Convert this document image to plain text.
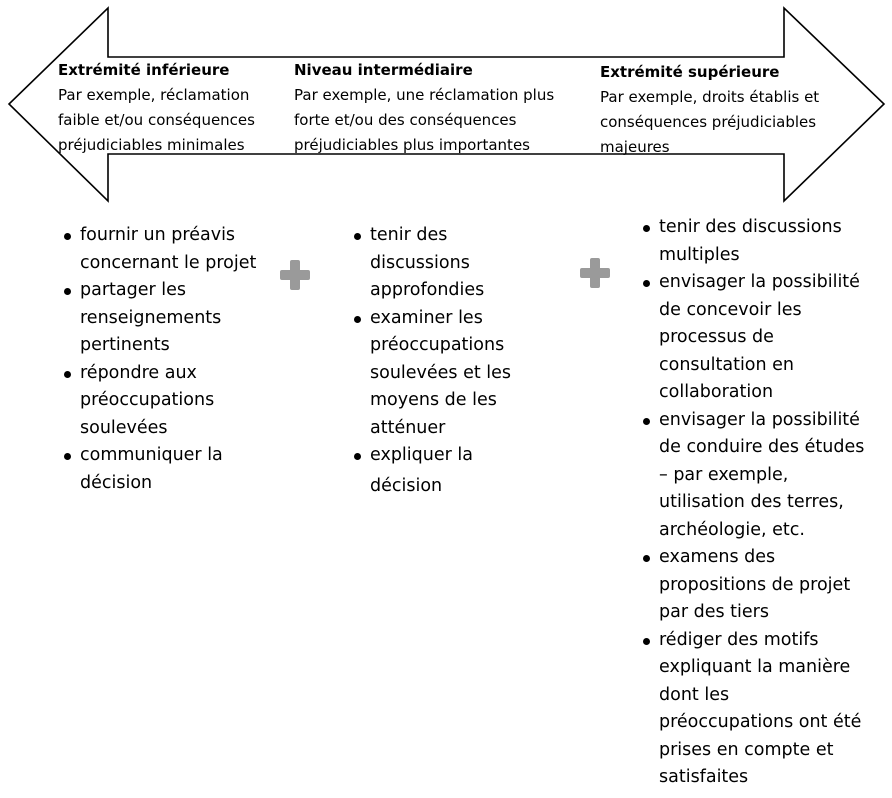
Extrémité inférieure
Par exemple, réclamation
faible et/ou conséquences
préjudiciables minimales
Niveau intermédiaire
Par exemple, une réclamation plus
forte et/ou des conséquences
préjudiciables plus importantes
Extrémité supérieure
Par exemple, droits établis et
conséquences préjudiciables
majeures
fournir un préavis
concernant le projet
partager les
renseignements
pertinents
répondre aux
préoccupations
soulevées
communiquer la
décision
tenir des
discussions
approfondies
examiner les
préoccupations
soulevées et les
moyens de les
atténuer
expliquer la
décision
tenir des discussions
multiples
envisager la possibilité
de concevoir les
processus de
consultation en
collaboration
envisager la possibilité
de conduire des études
– par exemple,
utilisation des terres,
archéologie, etc.
examens des
propositions de projet
par des tiers
rédiger des motifs
expliquant la manière
dont les
préoccupations ont été
prises en compte et
satisfaites
